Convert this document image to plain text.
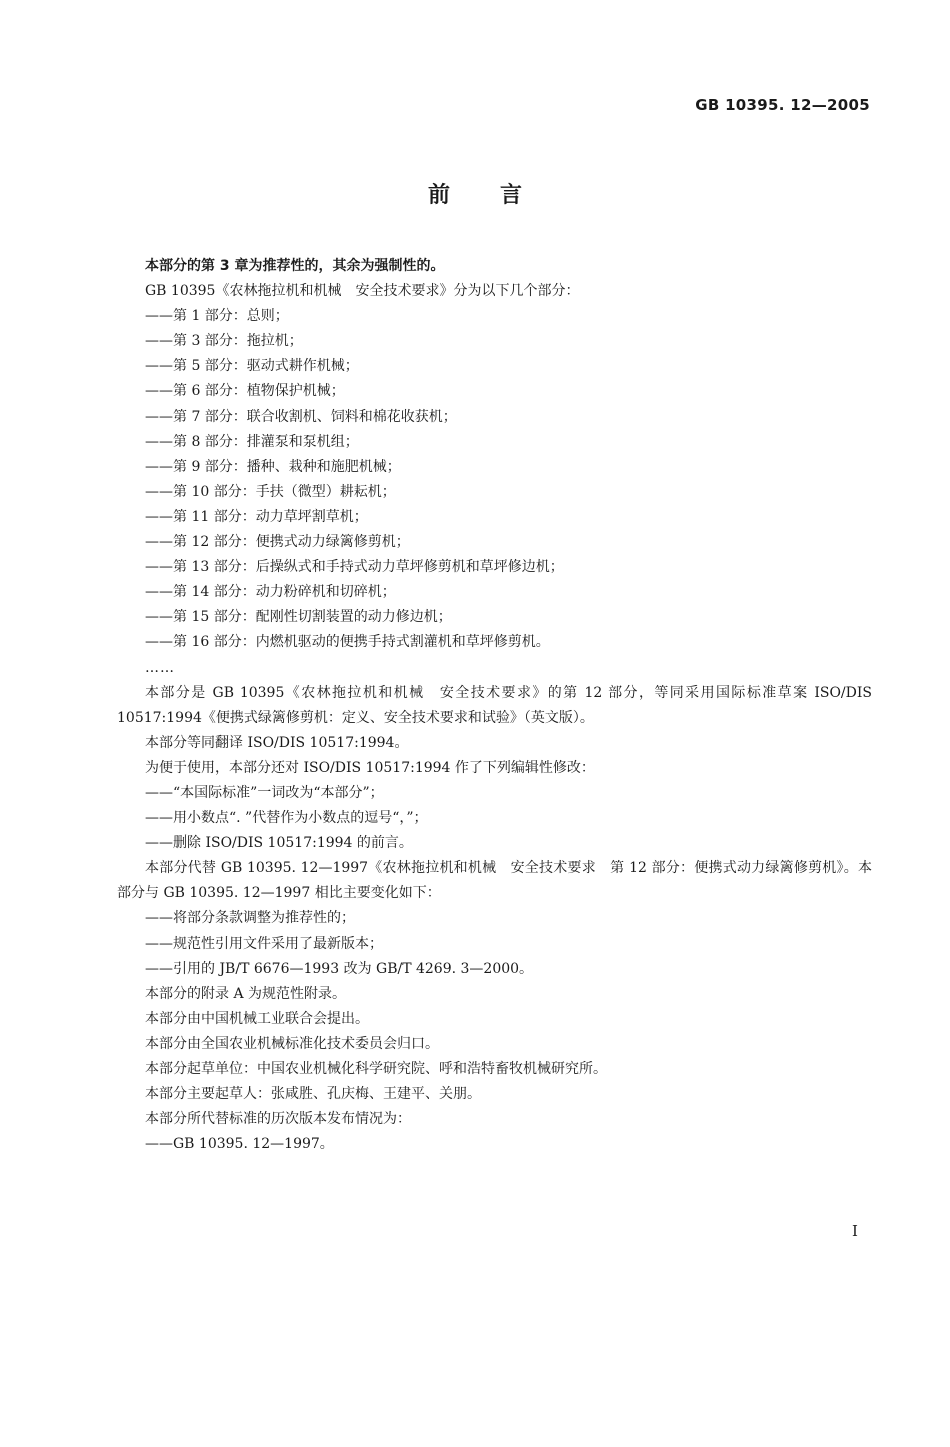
GB 10395. 12—2005
前 言

本部分的第 3 章为推荐性的，其余为强制性的。

GB 10395《农林拖拉机和机械　安全技术要求》分为以下几个部分：

——第 1 部分：总则；

——第 3 部分：拖拉机；

——第 5 部分：驱动式耕作机械；

——第 6 部分：植物保护机械；

——第 7 部分：联合收割机、饲料和棉花收获机；

——第 8 部分：排灌泵和泵机组；

——第 9 部分：播种、栽种和施肥机械；

——第 10 部分：手扶（微型）耕耘机；

——第 11 部分：动力草坪割草机；

——第 12 部分：便携式动力绿篱修剪机；

——第 13 部分：后操纵式和手持式动力草坪修剪机和草坪修边机；

——第 14 部分：动力粉碎机和切碎机；

——第 15 部分：配刚性切割装置的动力修边机；

——第 16 部分：内燃机驱动的便携手持式割灌机和草坪修剪机。

……

本部分是 GB 10395《农林拖拉机和机械　安全技术要求》的第 12 部分，等同采用国际标准草案 ISO/DIS 10517:1994《便携式绿篱修剪机：定义、安全技术要求和试验》（英文版）。

本部分等同翻译 ISO/DIS 10517:1994。

为便于使用，本部分还对 ISO/DIS 10517:1994 作了下列编辑性修改：

——“本国际标准”一词改为“本部分”；

——用小数点“. ”代替作为小数点的逗号“，”；

——删除 ISO/DIS 10517:1994 的前言。

本部分代替 GB 10395. 12—1997《农林拖拉机和机械　安全技术要求　第 12 部分：便携式动力绿篱修剪机》。本部分与 GB 10395. 12—1997 相比主要变化如下：

——将部分条款调整为推荐性的；

——规范性引用文件采用了最新版本；

——引用的 JB/T 6676—1993 改为 GB/T 4269. 3—2000。

本部分的附录 A 为规范性附录。

本部分由中国机械工业联合会提出。

本部分由全国农业机械标准化技术委员会归口。

本部分起草单位：中国农业机械化科学研究院、呼和浩特畜牧机械研究所。

本部分主要起草人：张咸胜、孔庆梅、王建平、关朋。

本部分所代替标准的历次版本发布情况为：

——GB 10395. 12—1997。

I
